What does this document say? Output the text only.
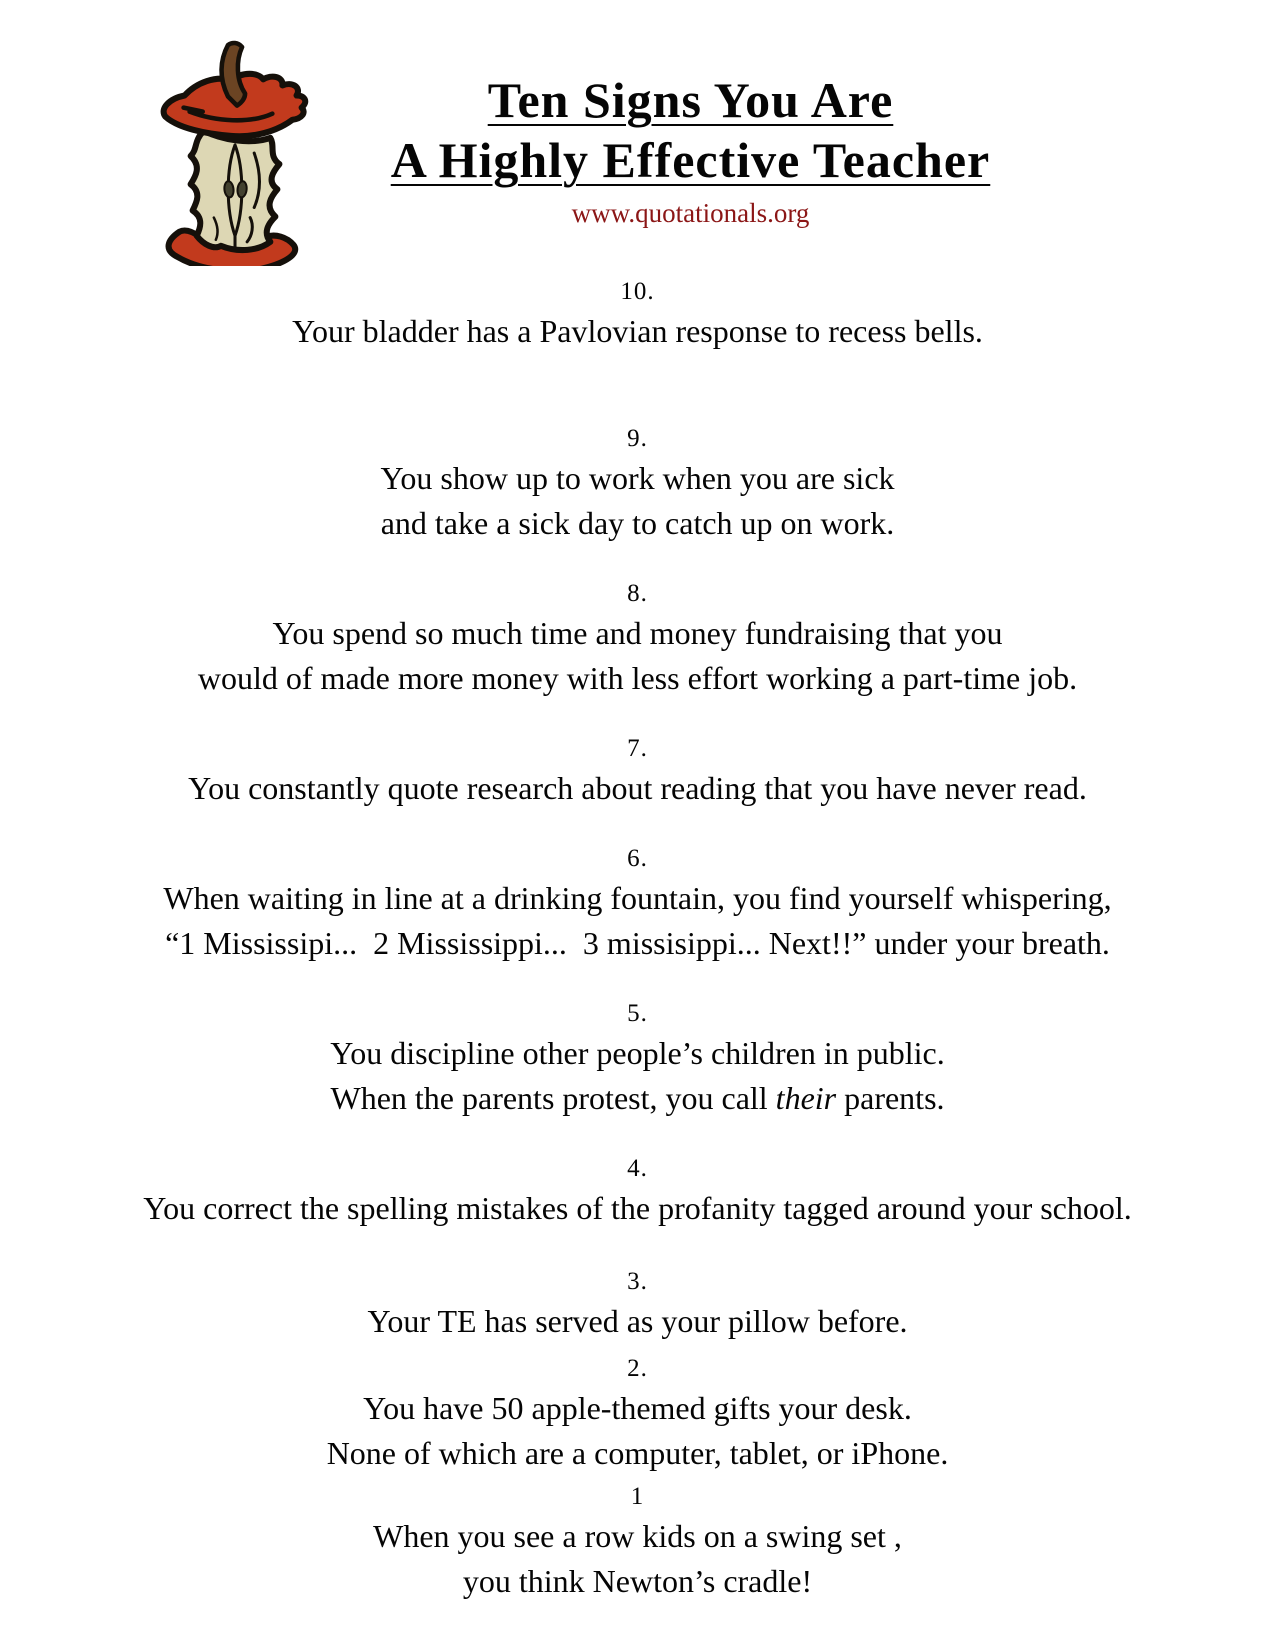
Ten Signs You Are
A Highly Effective Teacher
www.quotationals.org
10.
Your bladder has a Pavlovian response to recess bells.
9.
You show up to work when you are sick
and take a sick day to catch up on work.
8.
You spend so much time and money fundraising that you
would of made more money with less effort working a part-time job.
7.
You constantly quote research about reading that you have never read.
6.
When waiting in line at a drinking fountain, you find yourself whispering,
“1 Mississipi...  2 Mississippi...  3 missisippi... Next!!” under your breath.
5.
You discipline other people’s children in public.
When the parents protest, you call their parents.
4.
You correct the spelling mistakes of the profanity tagged around your school.
3.
Your TE has served as your pillow before.
2.
You have 50 apple-themed gifts your desk.
None of which are a computer, tablet, or iPhone.
1
When you see a row kids on a swing set ,
you think Newton’s cradle!
